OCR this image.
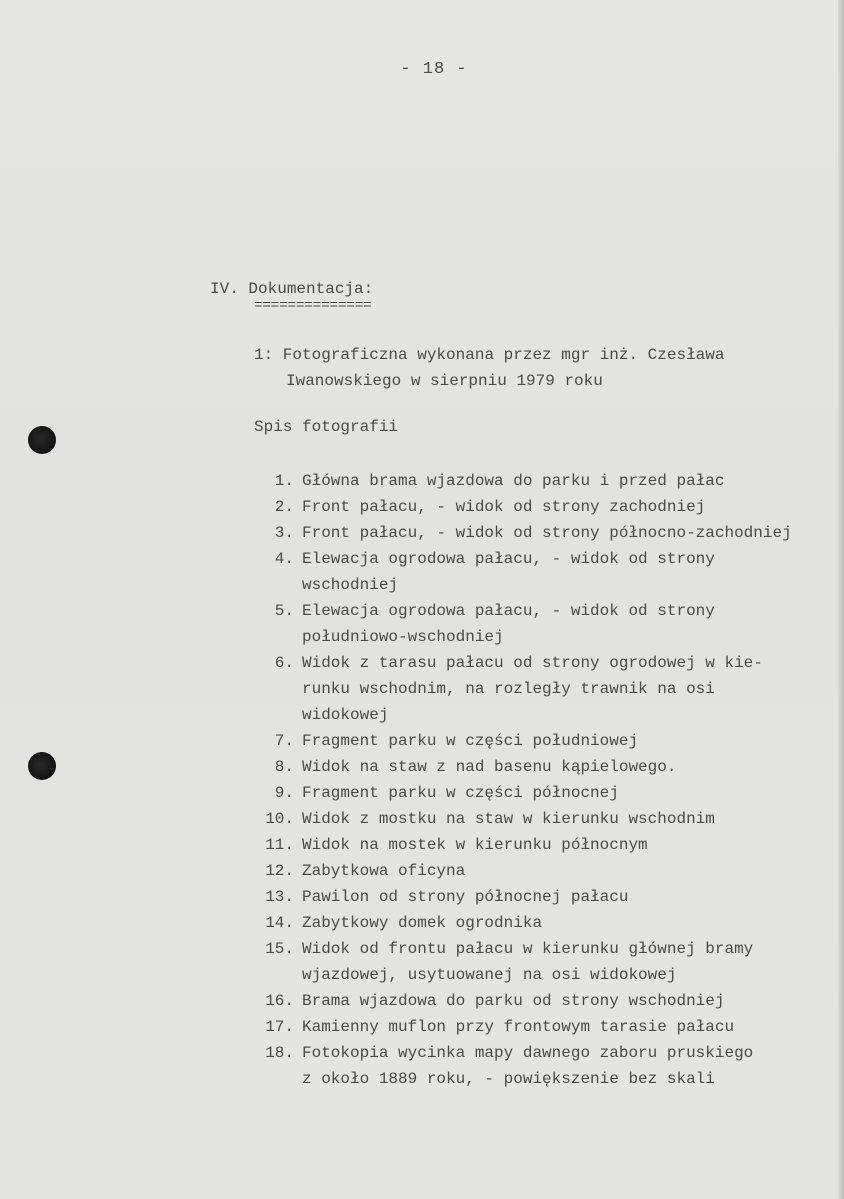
- 18 -
IV. Dokumentacja:
==============
1: Fotograficzna wykonana przez mgr inż. Czesława
Iwanowskiego w sierpniu 1979 roku
Spis fotografii
1. Główna brama wjazdowa do parku i przed pałac
2. Front pałacu, - widok od strony zachodniej
3. Front pałacu, - widok od strony północno-zachodniej
4. Elewacja ogrodowa pałacu, - widok od strony
wschodniej
5. Elewacja ogrodowa pałacu, - widok od strony
południowo-wschodniej
6. Widok z tarasu pałacu od strony ogrodowej w kie-
runku wschodnim, na rozległy trawnik na osi
widokowej
7. Fragment parku w części południowej
8. Widok na staw z nad basenu kąpielowego.
9. Fragment parku w części północnej
10. Widok z mostku na staw w kierunku wschodnim
11. Widok na mostek w kierunku północnym
12. Zabytkowa oficyna
13. Pawilon od strony północnej pałacu
14. Zabytkowy domek ogrodnika
15. Widok od frontu pałacu w kierunku głównej bramy
wjazdowej, usytuowanej na osi widokowej
16. Brama wjazdowa do parku od strony wschodniej
17. Kamienny muflon przy frontowym tarasie pałacu
18. Fotokopia wycinka mapy dawnego zaboru pruskiego
z około 1889 roku, - powiększenie bez skali
